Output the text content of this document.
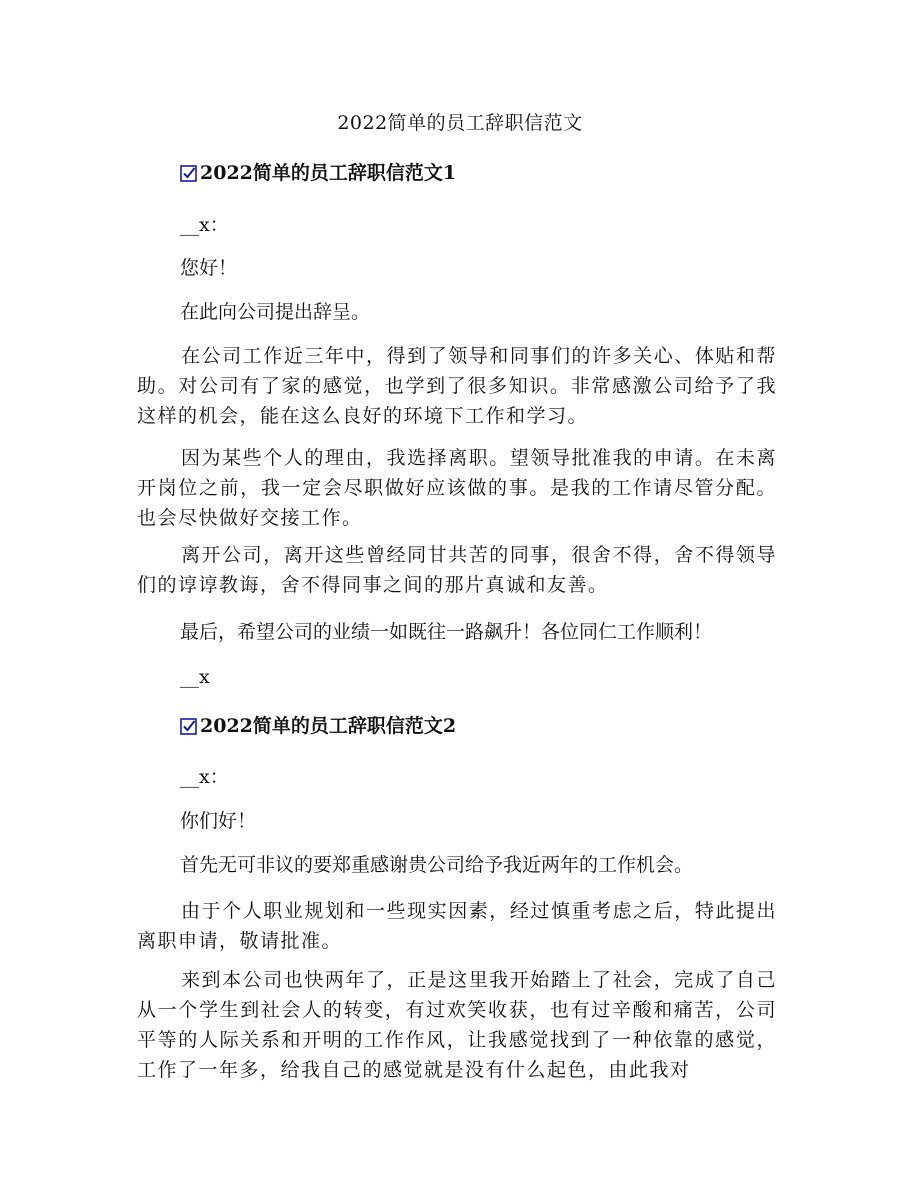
2022简单的员工辞职信范文
2022简单的员工辞职信范文1
__x：
您好！
在此向公司提出辞呈。
在公司工作近三年中，得到了领导和同事们的许多关心、体贴和帮助。对公司有了家的感觉，也学到了很多知识。非常感激公司给予了我这样的机会，能在这么良好的环境下工作和学习。
因为某些个人的理由，我选择离职。望领导批准我的申请。在未离开岗位之前，我一定会尽职做好应该做的事。是我的工作请尽管分配。也会尽快做好交接工作。
离开公司，离开这些曾经同甘共苦的同事，很舍不得，舍不得领导们的谆谆教诲，舍不得同事之间的那片真诚和友善。
最后，希望公司的业绩一如既往一路飙升！各位同仁工作顺利！
__x
2022简单的员工辞职信范文2
__x：
你们好！
首先无可非议的要郑重感谢贵公司给予我近两年的工作机会。
由于个人职业规划和一些现实因素，经过慎重考虑之后，特此提出离职申请，敬请批准。
来到本公司也快两年了，正是这里我开始踏上了社会，完成了自己从一个学生到社会人的转变，有过欢笑收获，也有过辛酸和痛苦，公司平等的人际关系和开明的工作作风，让我感觉找到了一种依靠的感觉，工作了一年多，给我自己的感觉就是没有什么起色，由此我对
